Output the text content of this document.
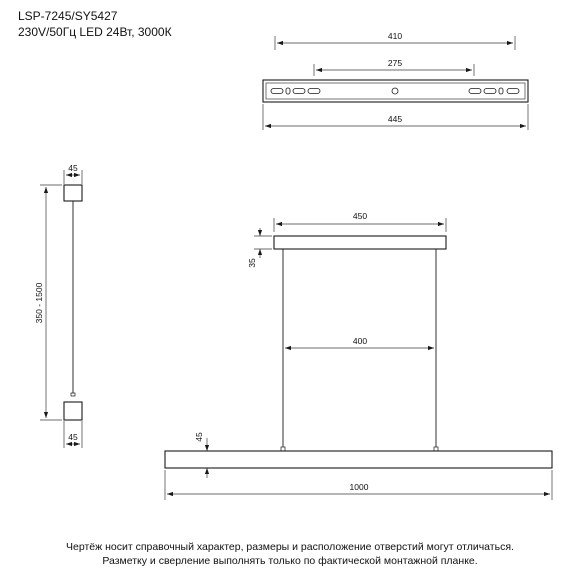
LSP-7245/SY5427

230V/50Гц LED 24Вт, 3000К	410
275
445
45
350 - 1500
45
450
35
400
45
1000

Чертёж носит справочный характер, размеры и расположение отверстий могут отличаться.

Разметку и сверление выполнять только по фактической монтажной планке.
